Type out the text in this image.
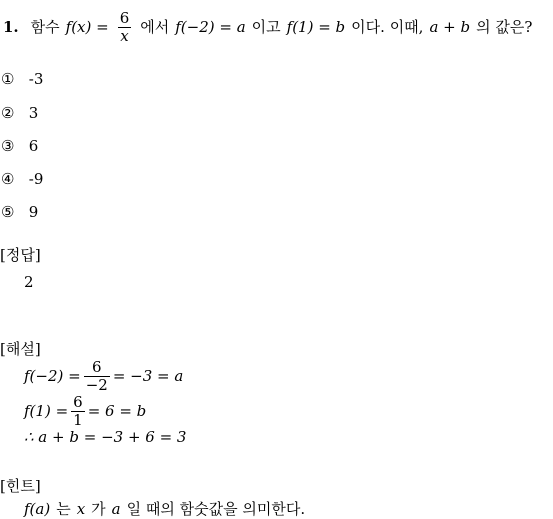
1. 함수 $f(x) = \frac{6}{x}$ 에서 f(−2) = a 이고 f(1) = b 이다. 이때, a + b 의 값은?
① -3
② 3
③ 6
④ -9
⑤ 9
[정답]
2
[해설]
$f(-2) = \frac{6}{-2} = -3 = a$
$f(1) = \frac{6}{1} = 6 = b$
∴ a + b = −3 + 6 = 3
[힌트]
f(a) 는 x 가 a 일 때의 함숫값을 의미한다.
